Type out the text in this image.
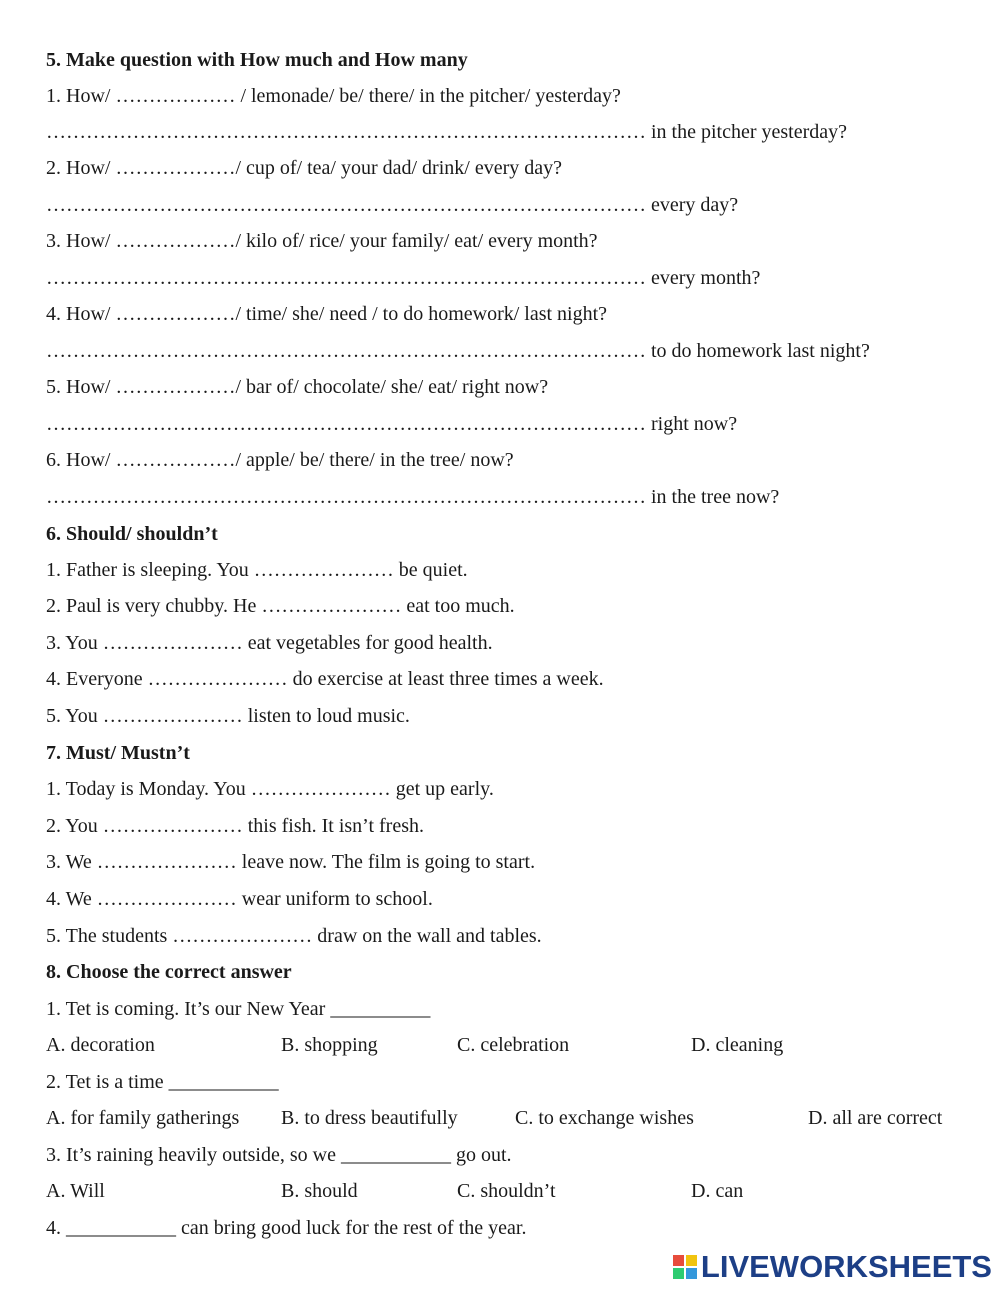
5. Make question with How much and How many
1. How/ ……………… / lemonade/ be/ there/ in the pitcher/ yesterday?
……………………………………………………………………………… in the pitcher yesterday?
2. How/ ………………/ cup of/ tea/ your dad/ drink/ every day?
……………………………………………………………………………… every day?
3. How/ ………………/ kilo of/ rice/ your family/ eat/ every month?
……………………………………………………………………………… every month?
4. How/ ………………/ time/ she/ need / to do homework/ last night?
……………………………………………………………………………… to do homework last night?
5. How/ ………………/ bar of/ chocolate/ she/ eat/ right now?
……………………………………………………………………………… right now?
6. How/ ………………/ apple/ be/ there/ in the tree/ now?
……………………………………………………………………………… in the tree now?
6. Should/ shouldn’t
1. Father is sleeping. You ………………… be quiet.
2. Paul is very chubby. He ………………… eat too much.
3. You ………………… eat vegetables for good health.
4. Everyone ………………… do exercise at least three times a week.
5. You ………………… listen to loud music.
7. Must/ Mustn’t
1. Today is Monday. You ………………… get up early.
2. You ………………… this fish. It isn’t fresh.
3. We ………………… leave now. The film is going to start.
4. We ………………… wear uniform to school.
5. The students ………………… draw on the wall and tables.
8. Choose the correct answer
1. Tet is coming. It’s our New Year __________
A. decoration	B. shopping	C. celebration	D. cleaning
2. Tet is a time ___________
A. for family gatherings B. to dress beautifully	C. to exchange wishes	D. all are correct
3. It’s raining heavily outside, so we ___________ go out.
A. Will	B. should	C. shouldn’t	D. can
4. ___________ can bring good luck for the rest of the year.
LIVEWORKSHEETS
